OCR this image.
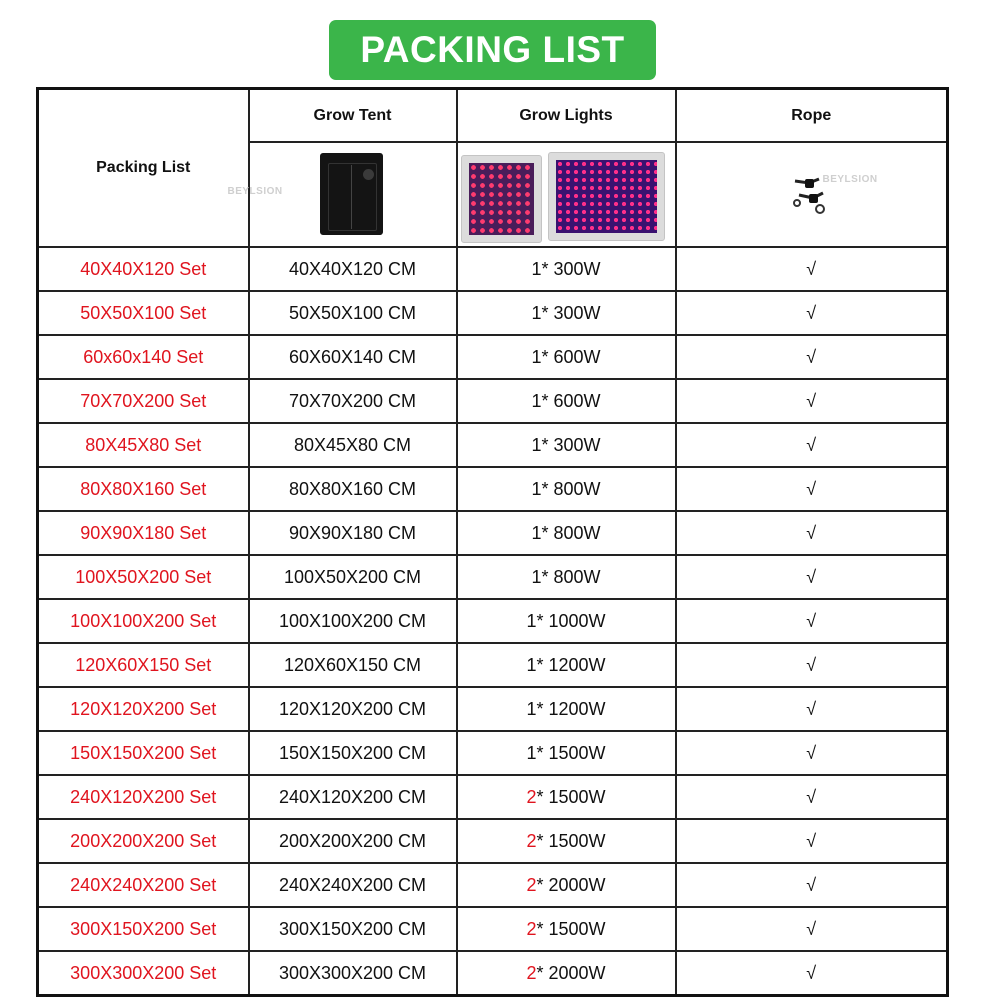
PACKING LIST
Packing List	Grow Tent	Grow Lights	Rope

	BEYLSION		BEYLSION

40X40X120 Set	40X40X120 CM	1* 300W	√
50X50X100 Set	50X50X100 CM	1* 300W	√
60x60x140 Set	60X60X140 CM	1* 600W	√
70X70X200 Set	70X70X200 CM	1* 600W	√
80X45X80 Set	80X45X80 CM	1* 300W	√
80X80X160 Set	80X80X160 CM	1* 800W	√
90X90X180 Set	90X90X180 CM	1* 800W	√
100X50X200 Set	100X50X200 CM	1* 800W	√
100X100X200 Set	100X100X200 CM	1* 1000W	√
120X60X150 Set	120X60X150 CM	1* 1200W	√
120X120X200 Set	120X120X200 CM	1* 1200W	√
150X150X200 Set	150X150X200 CM	1* 1500W	√
240X120X200 Set	240X120X200 CM	2* 1500W	√
200X200X200 Set	200X200X200 CM	2* 1500W	√
240X240X200 Set	240X240X200 CM	2* 2000W	√
300X150X200 Set	300X150X200 CM	2* 1500W	√
300X300X200 Set	300X300X200 CM	2* 2000W	√
